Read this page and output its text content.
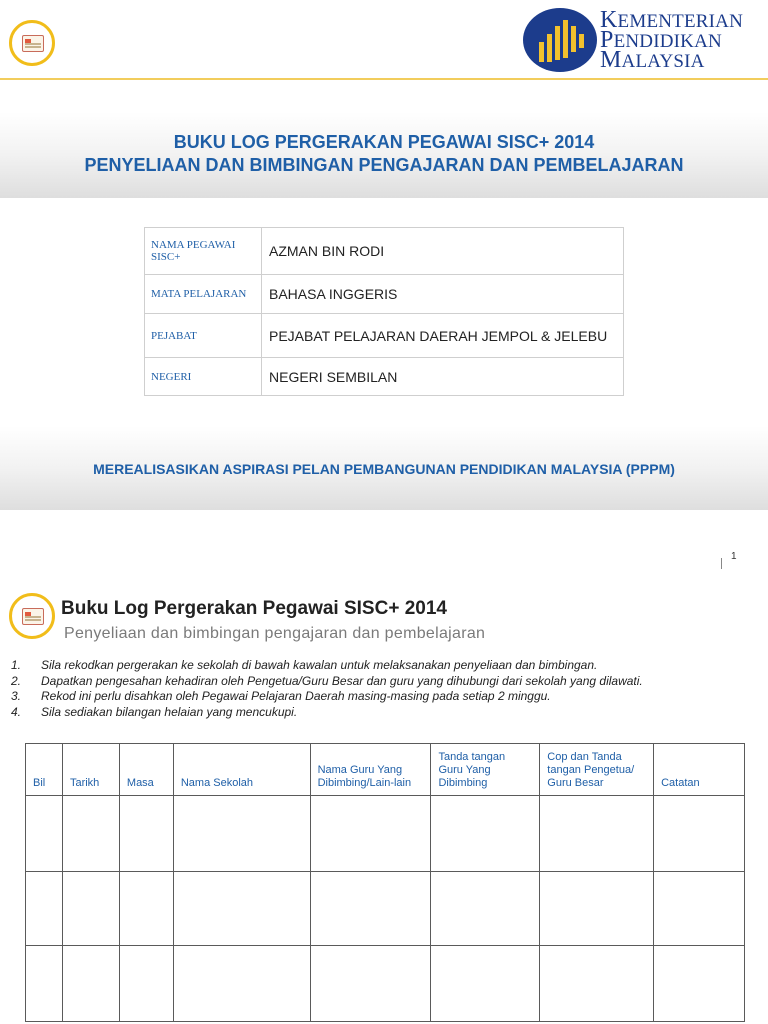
KEMENTERIAN
PENDIDIKAN
MALAYSIA
BUKU LOG PERGERAKAN PEGAWAI SISC+ 2014
PENYELIAAN DAN BIMBINGAN PENGAJARAN DAN PEMBELAJARAN
NAMA PEGAWAI SISC+	AZMAN BIN RODI
MATA PELAJARAN	BAHASA INGGERIS
PEJABAT	PEJABAT PELAJARAN DAERAH JEMPOL & JELEBU
NEGERI	NEGERI SEMBILAN
MEREALISASIKAN ASPIRASI PELAN PEMBANGUNAN PENDIDIKAN MALAYSIA (PPPM)
1
Buku Log Pergerakan Pegawai SISC+ 2014
Penyeliaan dan bimbingan pengajaran dan pembelajaran
1.	Sila rekodkan pergerakan ke sekolah di bawah kawalan untuk melaksanakan penyeliaan dan bimbingan.
2.	Dapatkan pengesahan kehadiran oleh Pengetua/Guru Besar dan guru yang dihubungi dari sekolah yang dilawati.
3.	Rekod ini perlu disahkan oleh Pegawai Pelajaran Daerah masing-masing pada setiap 2 minggu.
4.	Sila sediakan bilangan helaian yang mencukupi.
Bil	Tarikh	Masa	Nama Sekolah	Nama Guru Yang Dibimbing/Lain-lain	Tanda tangan Guru Yang Dibimbing	Cop dan Tanda tangan Pengetua/ Guru Besar	Catatan
